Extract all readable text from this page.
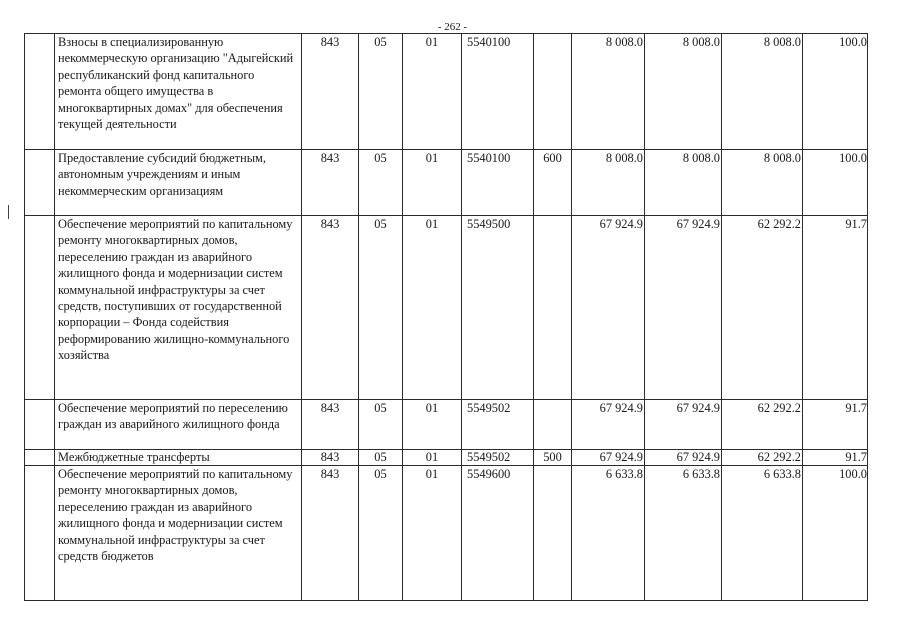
- 262 -
	Взносы в специализированную некоммерческую организацию "Адыгейский республиканский фонд капитального ремонта общего имущества в многоквартирных домах" для обеспечения текущей деятельности	843	05	01	5540100		8 008.0	8 008.0	8 008.0	100.0
	Предоставление субсидий бюджетным, автономным учреждениям и иным некоммерческим организациям	843	05	01	5540100	600	8 008.0	8 008.0	8 008.0	100.0
	Обеспечение мероприятий по капитальному ремонту многоквартирных домов, переселению граждан из аварийного жилищного фонда и модернизации систем коммунальной инфраструктуры за счет средств, поступивших от государственной корпорации – Фонда содействия реформированию жилищно-коммунального хозяйства	843	05	01	5549500		67 924.9	67 924.9	62 292.2	91.7
	Обеспечение мероприятий по переселению граждан из аварийного жилищного фонда	843	05	01	5549502		67 924.9	67 924.9	62 292.2	91.7
	Межбюджетные трансферты	843	05	01	5549502	500	67 924.9	67 924.9	62 292.2	91.7
	Обеспечение мероприятий по капитальному ремонту многоквартирных домов, переселению граждан из аварийного жилищного фонда и модернизации систем коммунальной инфраструктуры за счет средств бюджетов	843	05	01	5549600		6 633.8	6 633.8	6 633.8	100.0
